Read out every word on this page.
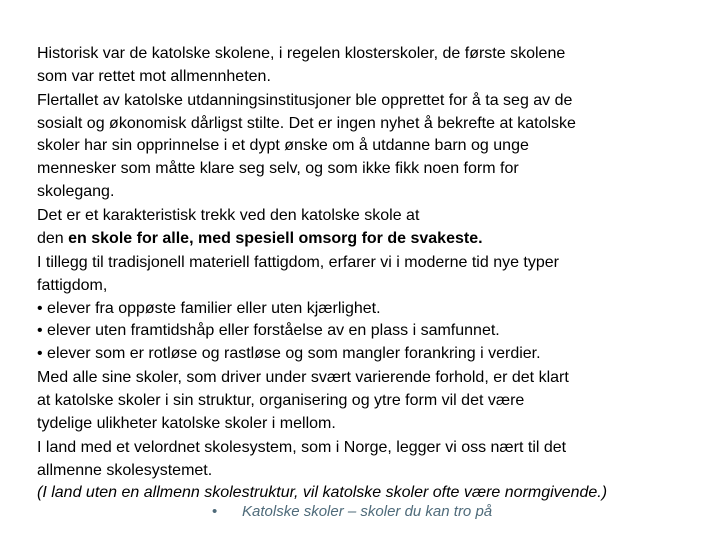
Historisk var de katolske skolene, i regelen klosterskoler, de første skolene

som var rettet mot allmennheten.

Flertallet av katolske utdanningsinstitusjoner ble opprettet for å ta seg av de

sosialt og økonomisk dårligst stilte. Det er ingen nyhet å bekrefte at katolske

skoler har sin opprinnelse i et dypt ønske om å utdanne barn og unge

mennesker som måtte klare seg selv, og som ikke fikk noen form for

skolegang.

Det er et karakteristisk trekk ved den katolske skole at

den en skole for alle, med spesiell omsorg for de svakeste.

I tillegg til tradisjonell materiell fattigdom, erfarer vi i moderne tid nye typer

fattigdom,

• elever fra oppøste familier eller uten kjærlighet.

• elever uten framtidshåp eller forståelse av en plass i samfunnet.

• elever som er rotløse og rastløse og som mangler forankring i verdier.

Med alle sine skoler, som driver under svært varierende forhold, er det klart

at katolske skoler i sin struktur, organisering og ytre form vil det være

tydelige ulikheter katolske skoler i mellom.

I land med et velordnet skolesystem, som i Norge, legger vi oss nært til det

allmenne skolesystemet.

(I land uten en allmenn skolestruktur, vil katolske skoler ofte være normgivende.)

• Katolske skoler – skoler du kan tro på
